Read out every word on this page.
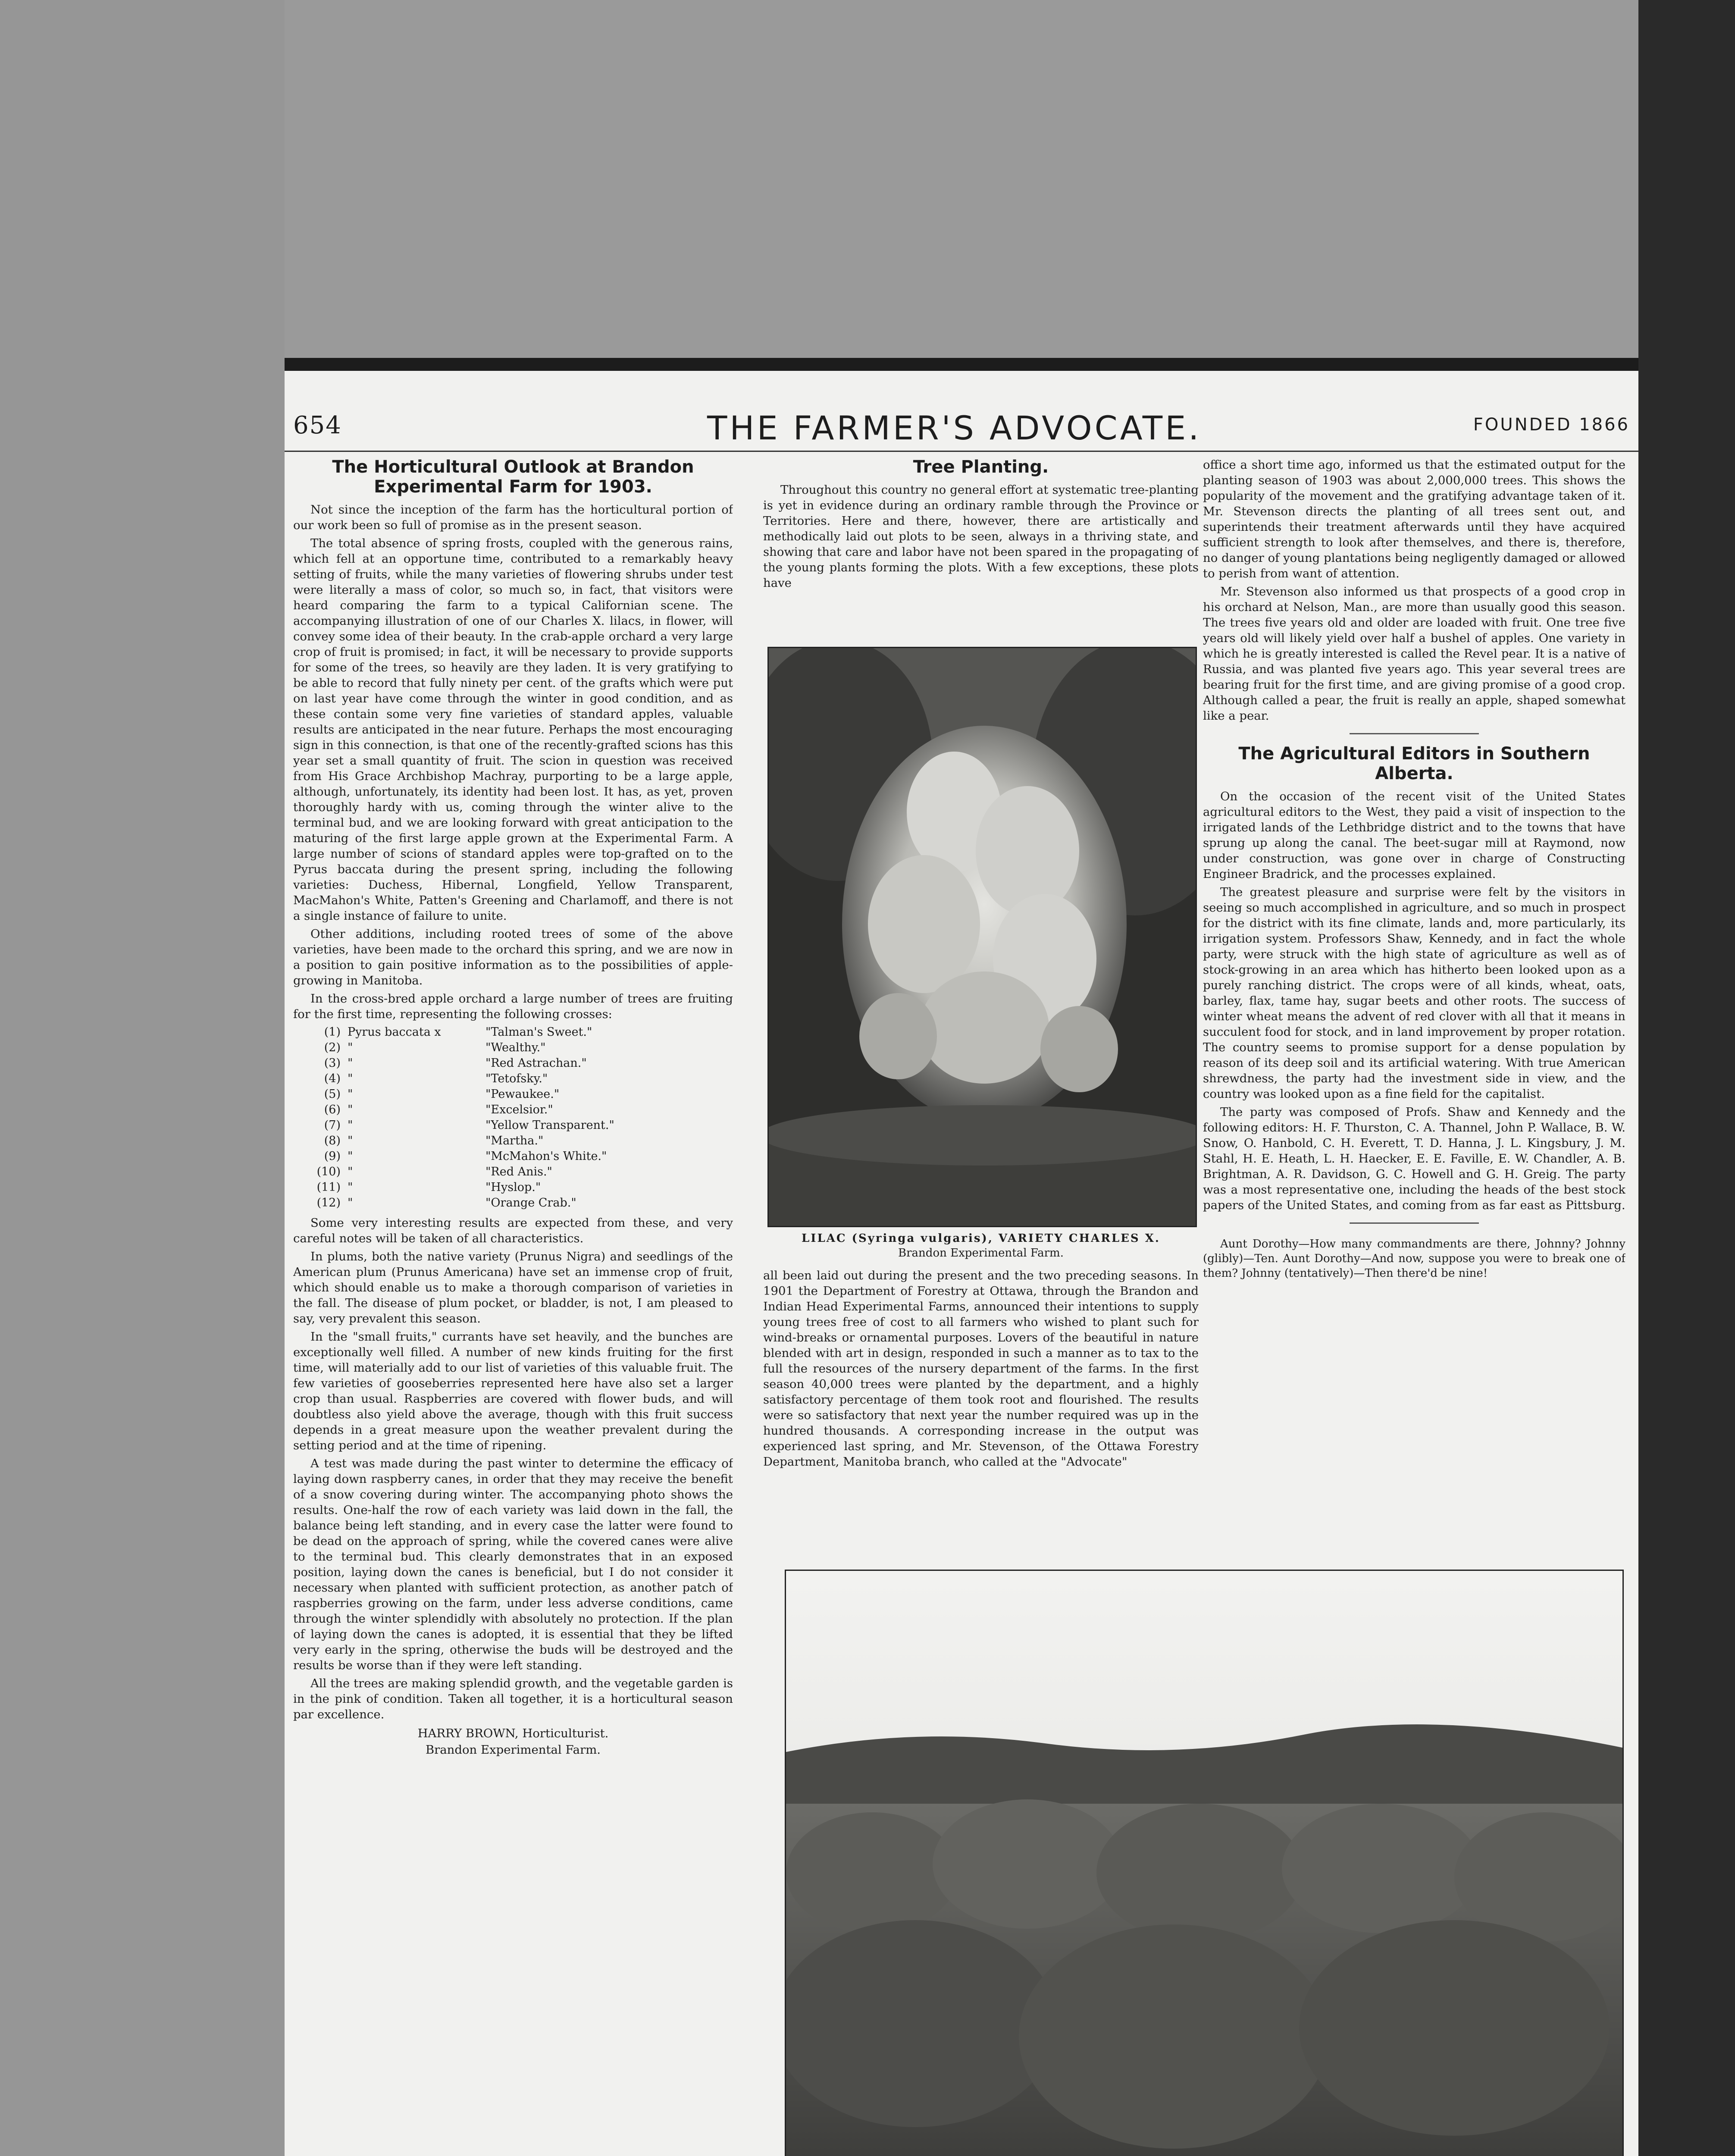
654	THE FARMER'S ADVOCATE.	FOUNDED 1866
The Horticultural Outlook at Brandon Experimental Farm for 1903.

Not since the inception of the farm has the horticultural portion of our work been so full of promise as in the present season.

The total absence of spring frosts, coupled with the generous rains, which fell at an opportune time, contributed to a remarkably heavy setting of fruits, while the many varieties of flowering shrubs under test were literally a mass of color, so much so, in fact, that visitors were heard comparing the farm to a typical Californian scene. The accompanying illustration of one of our Charles X. lilacs, in flower, will convey some idea of their beauty. In the crab-apple orchard a very large crop of fruit is promised; in fact, it will be necessary to provide supports for some of the trees, so heavily are they laden. It is very gratifying to be able to record that fully ninety per cent. of the grafts which were put on last year have come through the winter in good condition, and as these contain some very fine varieties of standard apples, valuable results are anticipated in the near future. Perhaps the most encouraging sign in this connection, is that one of the recently-grafted scions has this year set a small quantity of fruit. The scion in question was received from His Grace Archbishop Machray, purporting to be a large apple, although, unfortunately, its identity had been lost. It has, as yet, proven thoroughly hardy with us, coming through the winter alive to the terminal bud, and we are looking forward with great anticipation to the maturing of the first large apple grown at the Experimental Farm. A large number of scions of standard apples were top-grafted on to the Pyrus baccata during the present spring, including the following varieties: Duchess, Hibernal, Longfield, Yellow Transparent, MacMahon's White, Patten's Greening and Charlamoff, and there is not a single instance of failure to unite.

Other additions, including rooted trees of some of the above varieties, have been made to the orchard this spring, and we are now in a position to gain positive information as to the possibilities of apple-growing in Manitoba.

In the cross-bred apple orchard a large number of trees are fruiting for the first time, representing the following crosses:

(1) Pyrus baccata x	"Talman's Sweet."
(2) "	"Wealthy."
(3) "	"Red Astrachan."
(4) "	"Tetofsky."
(5) "	"Pewaukee."
(6) "	"Excelsior."
(7) "	"Yellow Transparent."
(8) "	"Martha."
(9) "	"McMahon's White."
(10) "	"Red Anis."
(11) "	"Hyslop."
(12) "	"Orange Crab."

Some very interesting results are expected from these, and very careful notes will be taken of all characteristics.

In plums, both the native variety (Prunus Nigra) and seedlings of the American plum (Prunus Americana) have set an immense crop of fruit, which should enable us to make a thorough comparison of varieties in the fall. The disease of plum pocket, or bladder, is not, I am pleased to say, very prevalent this season.

In the "small fruits," currants have set heavily, and the bunches are exceptionally well filled. A number of new kinds fruiting for the first time, will materially add to our list of varieties of this valuable fruit. The few varieties of gooseberries represented here have also set a larger crop than usual. Raspberries are covered with flower buds, and will doubtless also yield above the average, though with this fruit success depends in a great measure upon the weather prevalent during the setting period and at the time of ripening.

A test was made during the past winter to determine the efficacy of laying down raspberry canes, in order that they may receive the benefit of a snow covering during winter. The accompanying photo shows the results. One-half the row of each variety was laid down in the fall, the balance being left standing, and in every case the latter were found to be dead on the approach of spring, while the covered canes were alive to the terminal bud. This clearly demonstrates that in an exposed position, laying down the canes is beneficial, but I do not consider it necessary when planted with sufficient protection, as another patch of raspberries growing on the farm, under less adverse conditions, came through the winter splendidly with absolutely no protection. If the plan of laying down the canes is adopted, it is essential that they be lifted very early in the spring, otherwise the buds will be destroyed and the results be worse than if they were left standing.

All the trees are making splendid growth, and the vegetable garden is in the pink of condition. Taken all together, it is a horticultural season par excellence.

HARRY BROWN, Horticulturist.
Brandon Experimental Farm.
Tree Planting.

Throughout this country no general effort at systematic tree-planting is yet in evidence during an ordinary ramble through the Province or Territories. Here and there, however, there are artistically and methodically laid out plots to be seen, always in a thriving state, and showing that care and labor have not been spared in the propagating of the young plants forming the plots. With a few exceptions, these plots have

LILAC (Syringa vulgaris), VARIETY CHARLES X.
Brandon Experimental Farm.

all been laid out during the present and the two preceding seasons. In 1901 the Department of Forestry at Ottawa, through the Brandon and Indian Head Experimental Farms, announced their intentions to supply young trees free of cost to all farmers who wished to plant such for wind-breaks or ornamental purposes. Lovers of the beautiful in nature blended with art in design, responded in such a manner as to tax to the full the resources of the nursery department of the farms. In the first season 40,000 trees were planted by the department, and a highly satisfactory percentage of them took root and flourished. The results were so satisfactory that next year the number required was up in the hundred thousands. A corresponding increase in the output was experienced last spring, and Mr. Stevenson, of the Ottawa Forestry Department, Manitoba branch, who called at the "Advocate"

office a short time ago, informed us that the estimated output for the planting season of 1903 was about 2,000,000 trees. This shows the popularity of the movement and the gratifying advantage taken of it. Mr. Stevenson directs the planting of all trees sent out, and superintends their treatment afterwards until they have acquired sufficient strength to look after themselves, and there is, therefore, no danger of young plantations being negligently damaged or allowed to perish from want of attention.

Mr. Stevenson also informed us that prospects of a good crop in his orchard at Nelson, Man., are more than usually good this season. The trees five years old and older are loaded with fruit. One tree five years old will likely yield over half a bushel of apples. One variety in which he is greatly interested is called the Revel pear. It is a native of Russia, and was planted five years ago. This year several trees are bearing fruit for the first time, and are giving promise of a good crop. Although called a pear, the fruit is really an apple, shaped somewhat like a pear.

The Agricultural Editors in Southern Alberta.

On the occasion of the recent visit of the United States agricultural editors to the West, they paid a visit of inspection to the irrigated lands of the Lethbridge district and to the towns that have sprung up along the canal. The beet-sugar mill at Raymond, now under construction, was gone over in charge of Constructing Engineer Bradrick, and the processes explained.

The greatest pleasure and surprise were felt by the visitors in seeing so much accomplished in agriculture, and so much in prospect for the district with its fine climate, lands and, more particularly, its irrigation system. Professors Shaw, Kennedy, and in fact the whole party, were struck with the high state of agriculture as well as of stock-growing in an area which has hitherto been looked upon as a purely ranching district. The crops were of all kinds, wheat, oats, barley, flax, tame hay, sugar beets and other roots. The success of winter wheat means the advent of red clover with all that it means in succulent food for stock, and in land improvement by proper rotation. The country seems to promise support for a dense population by reason of its deep soil and its artificial watering. With true American shrewdness, the party had the investment side in view, and the country was looked upon as a fine field for the capitalist.

The party was composed of Profs. Shaw and Kennedy and the following editors: H. F. Thurston, C. A. Thannel, John P. Wallace, B. W. Snow, O. Hanbold, C. H. Everett, T. D. Hanna, J. L. Kingsbury, J. M. Stahl, H. E. Heath, L. H. Haecker, E. E. Faville, E. W. Chandler, A. B. Brightman, A. R. Davidson, G. C. Howell and G. H. Greig. The party was a most representative one, including the heads of the best stock papers of the United States, and coming from as far east as Pittsburg.

Aunt Dorothy—How many commandments are there, Johnny? Johnny (glibly)—Ten. Aunt Dorothy—And now, suppose you were to break one of them? Johnny (tentatively)—Then there'd be nine!
